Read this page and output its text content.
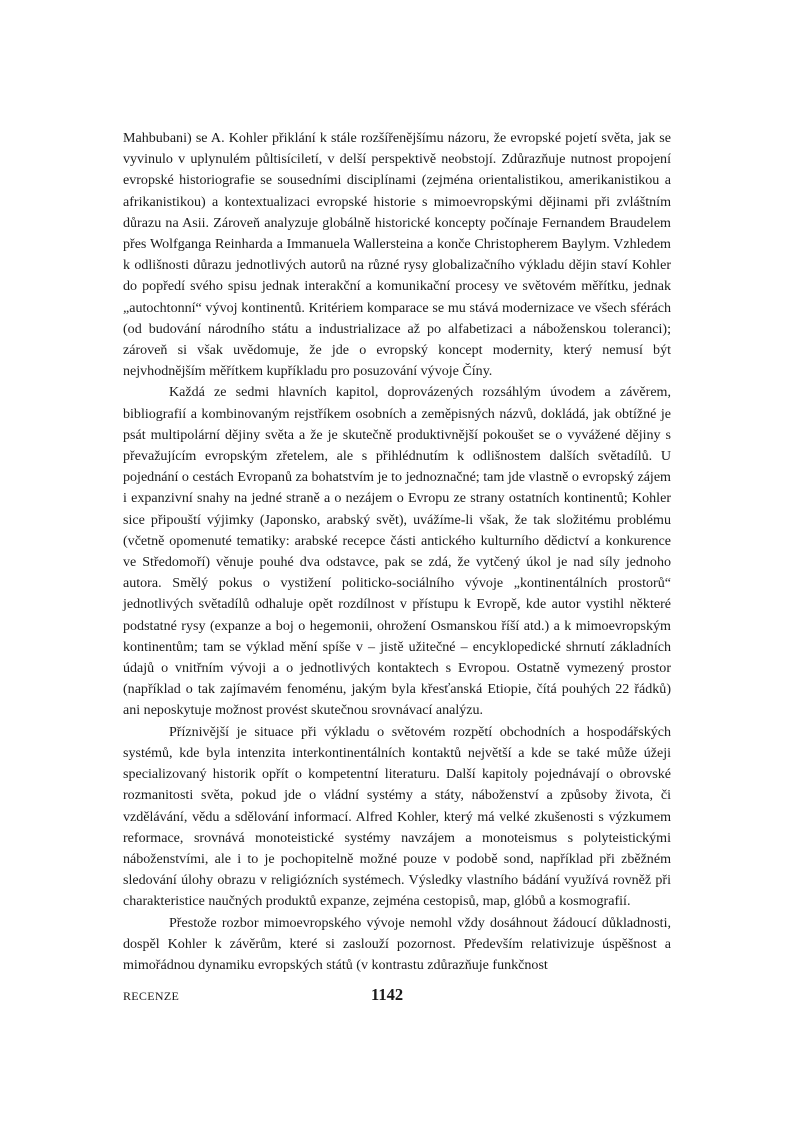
Mahbubani) se A. Kohler přiklání k stále rozšířenějšímu názoru, že evropské pojetí světa, jak se vyvinulo v uplynulém půltisíciletí, v delší perspektivě neobstojí. Zdůrazňuje nutnost propojení evropské historiografie se sousedními disciplínami (zejména orientalistikou, amerikanistikou a afrikanistikou) a kontextualizaci evropské historie s mimoevropskými dějinami při zvláštním důrazu na Asii. Zároveň analyzuje globálně historické koncepty počínaje Fernandem Braudelem přes Wolfganga Reinharda a Immanuela Wallersteina a konče Christopherem Baylym. Vzhledem k odlišnosti důrazu jednotlivých autorů na různé rysy globalizačního výkladu dějin staví Kohler do popředí svého spisu jednak interakční a komunikační procesy ve světovém měřítku, jednak „autochtonní“ vývoj kontinentů. Kritériem komparace se mu stává modernizace ve všech sférách (od budování národního státu a industrializace až po alfabetizaci a náboženskou toleranci); zároveň si však uvědomuje, že jde o evropský koncept modernity, který nemusí být nejvhodnějším měřítkem kupříkladu pro posuzování vývoje Číny.

Každá ze sedmi hlavních kapitol, doprovázených rozsáhlým úvodem a závěrem, bibliografií a kombinovaným rejstříkem osobních a zeměpisných názvů, dokládá, jak obtížné je psát multipolární dějiny světa a že je skutečně produktivnější pokoušet se o vyvážené dějiny s převažujícím evropským zřetelem, ale s přihlédnutím k odlišnostem dalších světadílů. U pojednání o cestách Evropanů za bohatstvím je to jednoznačné; tam jde vlastně o evropský zájem i expanzivní snahy na jedné straně a o nezájem o Evropu ze strany ostatních kontinentů; Kohler sice připouští výjimky (Japonsko, arabský svět), uvážíme-li však, že tak složitému problému (včetně opomenuté tematiky: arabské recepce části antického kulturního dědictví a konkurence ve Středomoří) věnuje pouhé dva odstavce, pak se zdá, že vytčený úkol je nad síly jednoho autora. Smělý pokus o vystižení politicko-sociálního vývoje „kontinentálních prostorů“ jednotlivých světadílů odhaluje opět rozdílnost v přístupu k Evropě, kde autor vystihl některé podstatné rysy (expanze a boj o hegemonii, ohrožení Osmanskou říší atd.) a k mimoevropským kontinentům; tam se výklad mění spíše v – jistě užitečné – encyklopedické shrnutí základních údajů o vnitřním vývoji a o jednotlivých kontaktech s Evropou. Ostatně vymezený prostor (například o tak zajímavém fenoménu, jakým byla křesťanská Etiopie, čítá pouhých 22 řádků) ani neposkytuje možnost provést skutečnou srovnávací analýzu.

Příznivější je situace při výkladu o světovém rozpětí obchodních a hospodářských systémů, kde byla intenzita interkontinentálních kontaktů největší a kde se také může úžeji specializovaný historik opřít o kompetentní literaturu. Další kapitoly pojednávají o obrovské rozmanitosti světa, pokud jde o vládní systémy a státy, náboženství a způsoby života, či vzdělávání, vědu a sdělování informací. Alfred Kohler, který má velké zkušenosti s výzkumem reformace, srovnává monoteistické systémy navzájem a monoteismus s polyteistickými náboženstvími, ale i to je pochopitelně možné pouze v podobě sond, například při zběžném sledování úlohy obrazu v religiózních systémech. Výsledky vlastního bádání využívá rovněž při charakteristice naučných produktů expanze, zejména cestopisů, map, glóbů a kosmografií.

Přestože rozbor mimoevropského vývoje nemohl vždy dosáhnout žádoucí důkladnosti, dospěl Kohler k závěrům, které si zaslouží pozornost. Především relativizuje úspěšnost a mimořádnou dynamiku evropských států (v kontrastu zdůrazňuje funkčnost

RECENZE	1142
